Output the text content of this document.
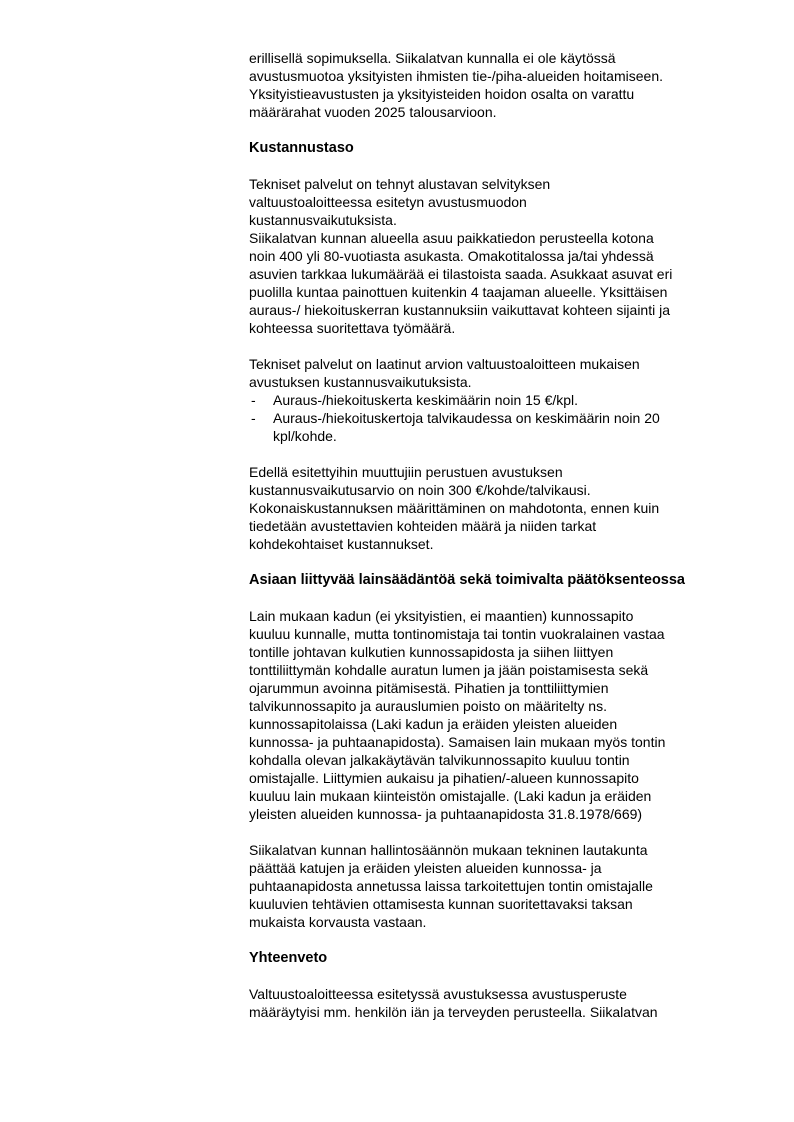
erillisellä sopimuksella. Siikalatvan kunnalla ei ole käytössä
avustusmuotoa yksityisten ihmisten tie-/piha-alueiden hoitamiseen.
Yksityistieavustusten ja yksityisteiden hoidon osalta on varattu
määrärahat vuoden 2025 talousarvioon.

Kustannustaso

Tekniset palvelut on tehnyt alustavan selvityksen
valtuustoaloitteessa esitetyn avustusmuodon
kustannusvaikutuksista.
Siikalatvan kunnan alueella asuu paikkatiedon perusteella kotona
noin 400 yli 80-vuotiasta asukasta. Omakotitalossa ja/tai yhdessä
asuvien tarkkaa lukumäärää ei tilastoista saada. Asukkaat asuvat eri
puolilla kuntaa painottuen kuitenkin 4 taajaman alueelle. Yksittäisen
auraus-/ hiekoituskerran kustannuksiin vaikuttavat kohteen sijainti ja
kohteessa suoritettava työmäärä.

Tekniset palvelut on laatinut arvion valtuustoaloitteen mukaisen
avustuksen kustannusvaikutuksista.

- Auraus-/hiekoituskerta keskimäärin noin 15 €/kpl.
- Auraus-/hiekoituskertoja talvikaudessa on keskimäärin noin 20
kpl/kohde.

Edellä esitettyihin muuttujiin perustuen avustuksen
kustannusvaikutusarvio on noin 300 €/kohde/talvikausi.
Kokonaiskustannuksen määrittäminen on mahdotonta, ennen kuin
tiedetään avustettavien kohteiden määrä ja niiden tarkat
kohdekohtaiset kustannukset.

Asiaan liittyvää lainsäädäntöä sekä toimivalta päätöksenteossa

Lain mukaan kadun (ei yksityistien, ei maantien) kunnossapito
kuuluu kunnalle, mutta tontinomistaja tai tontin vuokralainen vastaa
tontille johtavan kulkutien kunnossapidosta ja siihen liittyen
tonttiliittymän kohdalle auratun lumen ja jään poistamisesta sekä
ojarummun avoinna pitämisestä. Pihatien ja tonttiliittymien
talvikunnossapito ja aurauslumien poisto on määritelty ns.
kunnossapitolaissa (Laki kadun ja eräiden yleisten alueiden
kunnossa- ja puhtaanapidosta). Samaisen lain mukaan myös tontin
kohdalla olevan jalkakäytävän talvikunnossapito kuuluu tontin
omistajalle. Liittymien aukaisu ja pihatien/-alueen kunnossapito
kuuluu lain mukaan kiinteistön omistajalle. (Laki kadun ja eräiden
yleisten alueiden kunnossa- ja puhtaanapidosta 31.8.1978/669)

Siikalatvan kunnan hallintosäännön mukaan tekninen lautakunta
päättää katujen ja eräiden yleisten alueiden kunnossa- ja
puhtaanapidosta annetussa laissa tarkoitettujen tontin omistajalle
kuuluvien tehtävien ottamisesta kunnan suoritettavaksi taksan
mukaista korvausta vastaan.

Yhteenveto

Valtuustoaloitteessa esitetyssä avustuksessa avustusperuste
määräytyisi mm. henkilön iän ja terveyden perusteella. Siikalatvan
